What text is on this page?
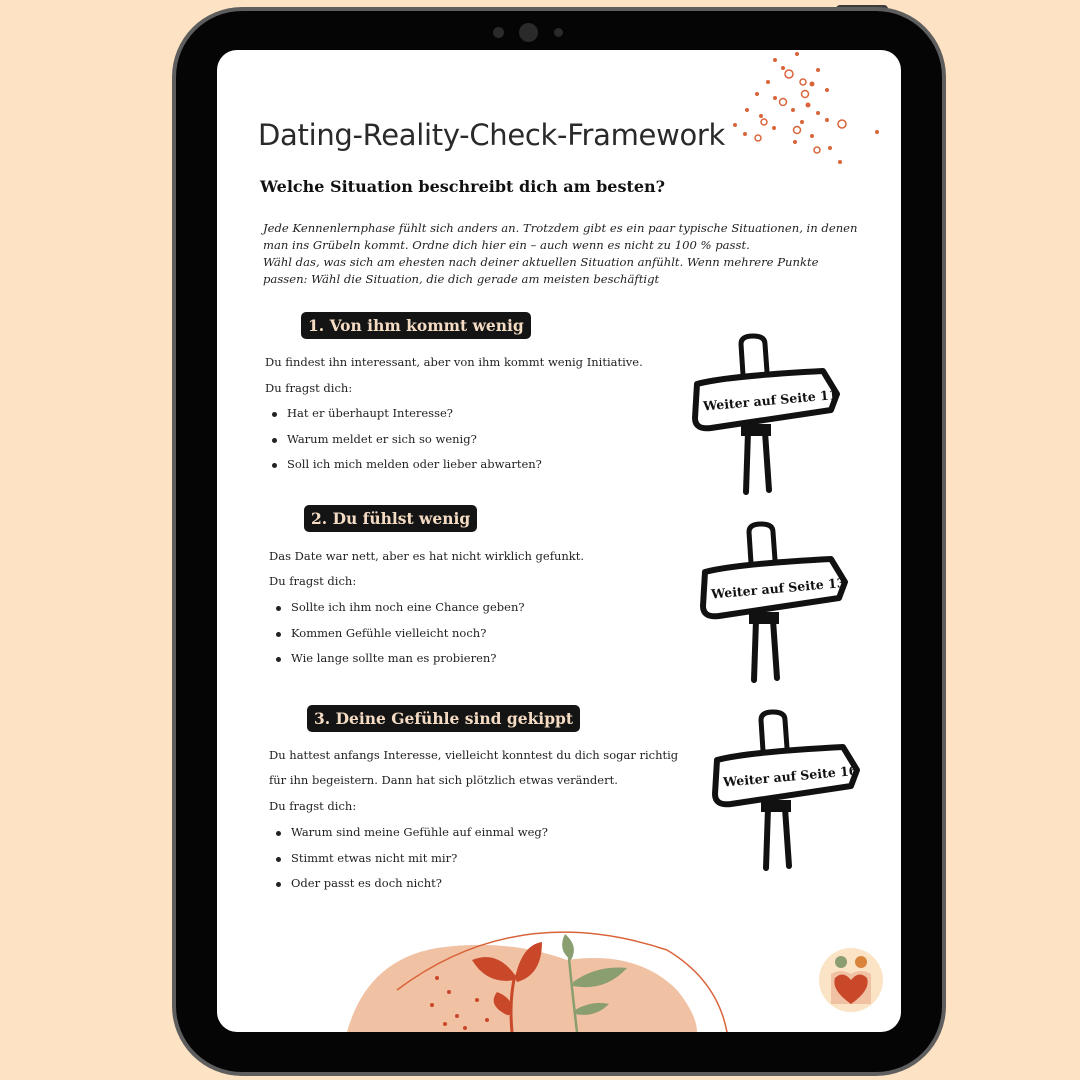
Dating-Reality-Check-Framework
Welche Situation beschreibt dich am besten?

Jede Kennenlernphase fühlt sich anders an. Trotzdem gibt es ein paar typische Situationen, in denen man ins Grübeln kommt. Ordne dich hier ein – auch wenn es nicht zu 100 % passt.

Wähl das, was sich am ehesten nach deiner aktuellen Situation anfühlt. Wenn mehrere Punkte passen: Wähl die Situation, die dich gerade am meisten beschäftigt

1. Von ihm kommt wenig

Du findest ihn interessant, aber von ihm kommt wenig Initiative.

Du fragst dich:

Hat er überhaupt Interesse?
Warum meldet er sich so wenig?
Soll ich mich melden oder lieber abwarten?
Weiter auf Seite 11
2. Du fühlst wenig

Das Date war nett, aber es hat nicht wirklich gefunkt.

Du fragst dich:

Sollte ich ihm noch eine Chance geben?
Kommen Gefühle vielleicht noch?
Wie lange sollte man es probieren?
Weiter auf Seite 13
3. Deine Gefühle sind gekippt

Du hattest anfangs Interesse, vielleicht konntest du dich sogar richtig
für ihn begeistern. Dann hat sich plötzlich etwas verändert.

Du fragst dich:

Warum sind meine Gefühle auf einmal weg?
Stimmt etwas nicht mit mir?
Oder passt es doch nicht?
Weiter auf Seite 16
